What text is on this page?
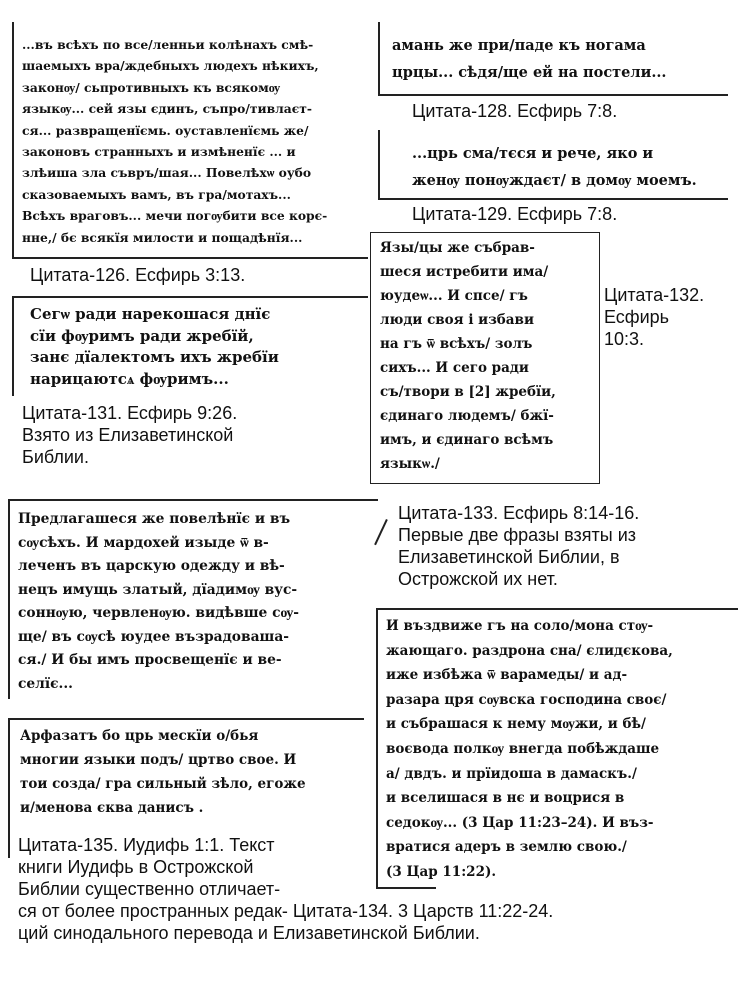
...въ всѣхъ по все/ленньи колѣнахъ смѣ-
шаемыхъ вра/ждебныхъ людехъ нѣкихъ,
законѹ/ сьпротивныхъ къ всякомѹ
языкѹ... сей язы єдинъ, съпро/тивлаєт-
ся... развращенїємь. оуставленїємь же/
законовъ странныхъ и измѣненїє ... и
злѣиша зла съвръ/шая... Повелѣхѡ оубо
сказоваемыхъ вамъ, въ гра/мотахъ...
Всѣхъ враговъ... мечи погѹбити все корє-
нне,/ бє всякїя милости и пощадѣнїя...
Цитата-126. Есфирь 3:13.
амань же при/паде къ ногама
црцы... сѣдя/ще ей на постели...
Цитата-128. Есфирь 7:8.
...црь сма/тєся и рече, яко и
женѹ понѹждаєт/ в домѹ моемъ.
Цитата-129. Есфирь 7:8.
Сегѡ ради нарекошася днїє
сїи фѹримъ ради жребїй,
занє дїалектомъ ихъ жребїи
нарицаютсѧ фѹримъ...
Цитата-131. Есфирь 9:26.
Взято из Елизаветинской
Библии.
Язы/цы же събрав-
шеся истребити има/
юудеѡ... И спсе/ гъ
люди своя і избави
на гъ ѿ всѣхъ/ золъ
сихъ... И сего ради
съ/твори в [2] жребїи,
єдинаго людемъ/ бжї-
имъ, и єдинаго всѣмъ
языкѡ./
Цитата-132.
Есфирь
10:3.
Предлагашеся же повелѣнїє и въ
сѹсѣхъ. И мардохей изыде ѿ в-
леченъ въ царскую одежду и вѣ-
нецъ имущь златый, дїадимѹ вуc-
соннѹю, червленѹю. видѣвше сѹ-
ще/ въ сѹсѣ юудее възрадоваша-
ся./ И бы имъ просвещенїє и ве-
селїє...
Цитата-133. Есфирь 8:14-16.
Первые две фразы взяты из
Елизаветинской Библии, в
Острожской их нет.
И въздвиже гъ на соло/мона стѹ-
жающаго. раздрона сна/ єлидєкова,
иже избѣжа ѿ варамеды/ и ад-
разара цря сѹвска господина своє/
и събрашася к нему мѹжи, и бѣ/
воєвода полкѹ внегда побѣждаше
а/ двдъ. и прїидоша в дамаскъ./
и вселишася в нє и воцрися в
седокѹ... (3 Цар 11:23–24). И въз-
вратися адеръ в землю свою./
(3 Цар 11:22).
Арфазатъ бо црь мескїи о/бья
многии языки подъ/ цртво свое. И
тои созда/ гра сильный зѣло, егоже
и/менова єква данисъ .
Цитата-135. Иудифь 1:1. Текст
книги Иудифь в Острожской
Библии существенно отличает-
ся от более пространных редак- Цитата-134. 3 Царств 11:22-24.
ций синодального перевода и Елизаветинской Библии.
